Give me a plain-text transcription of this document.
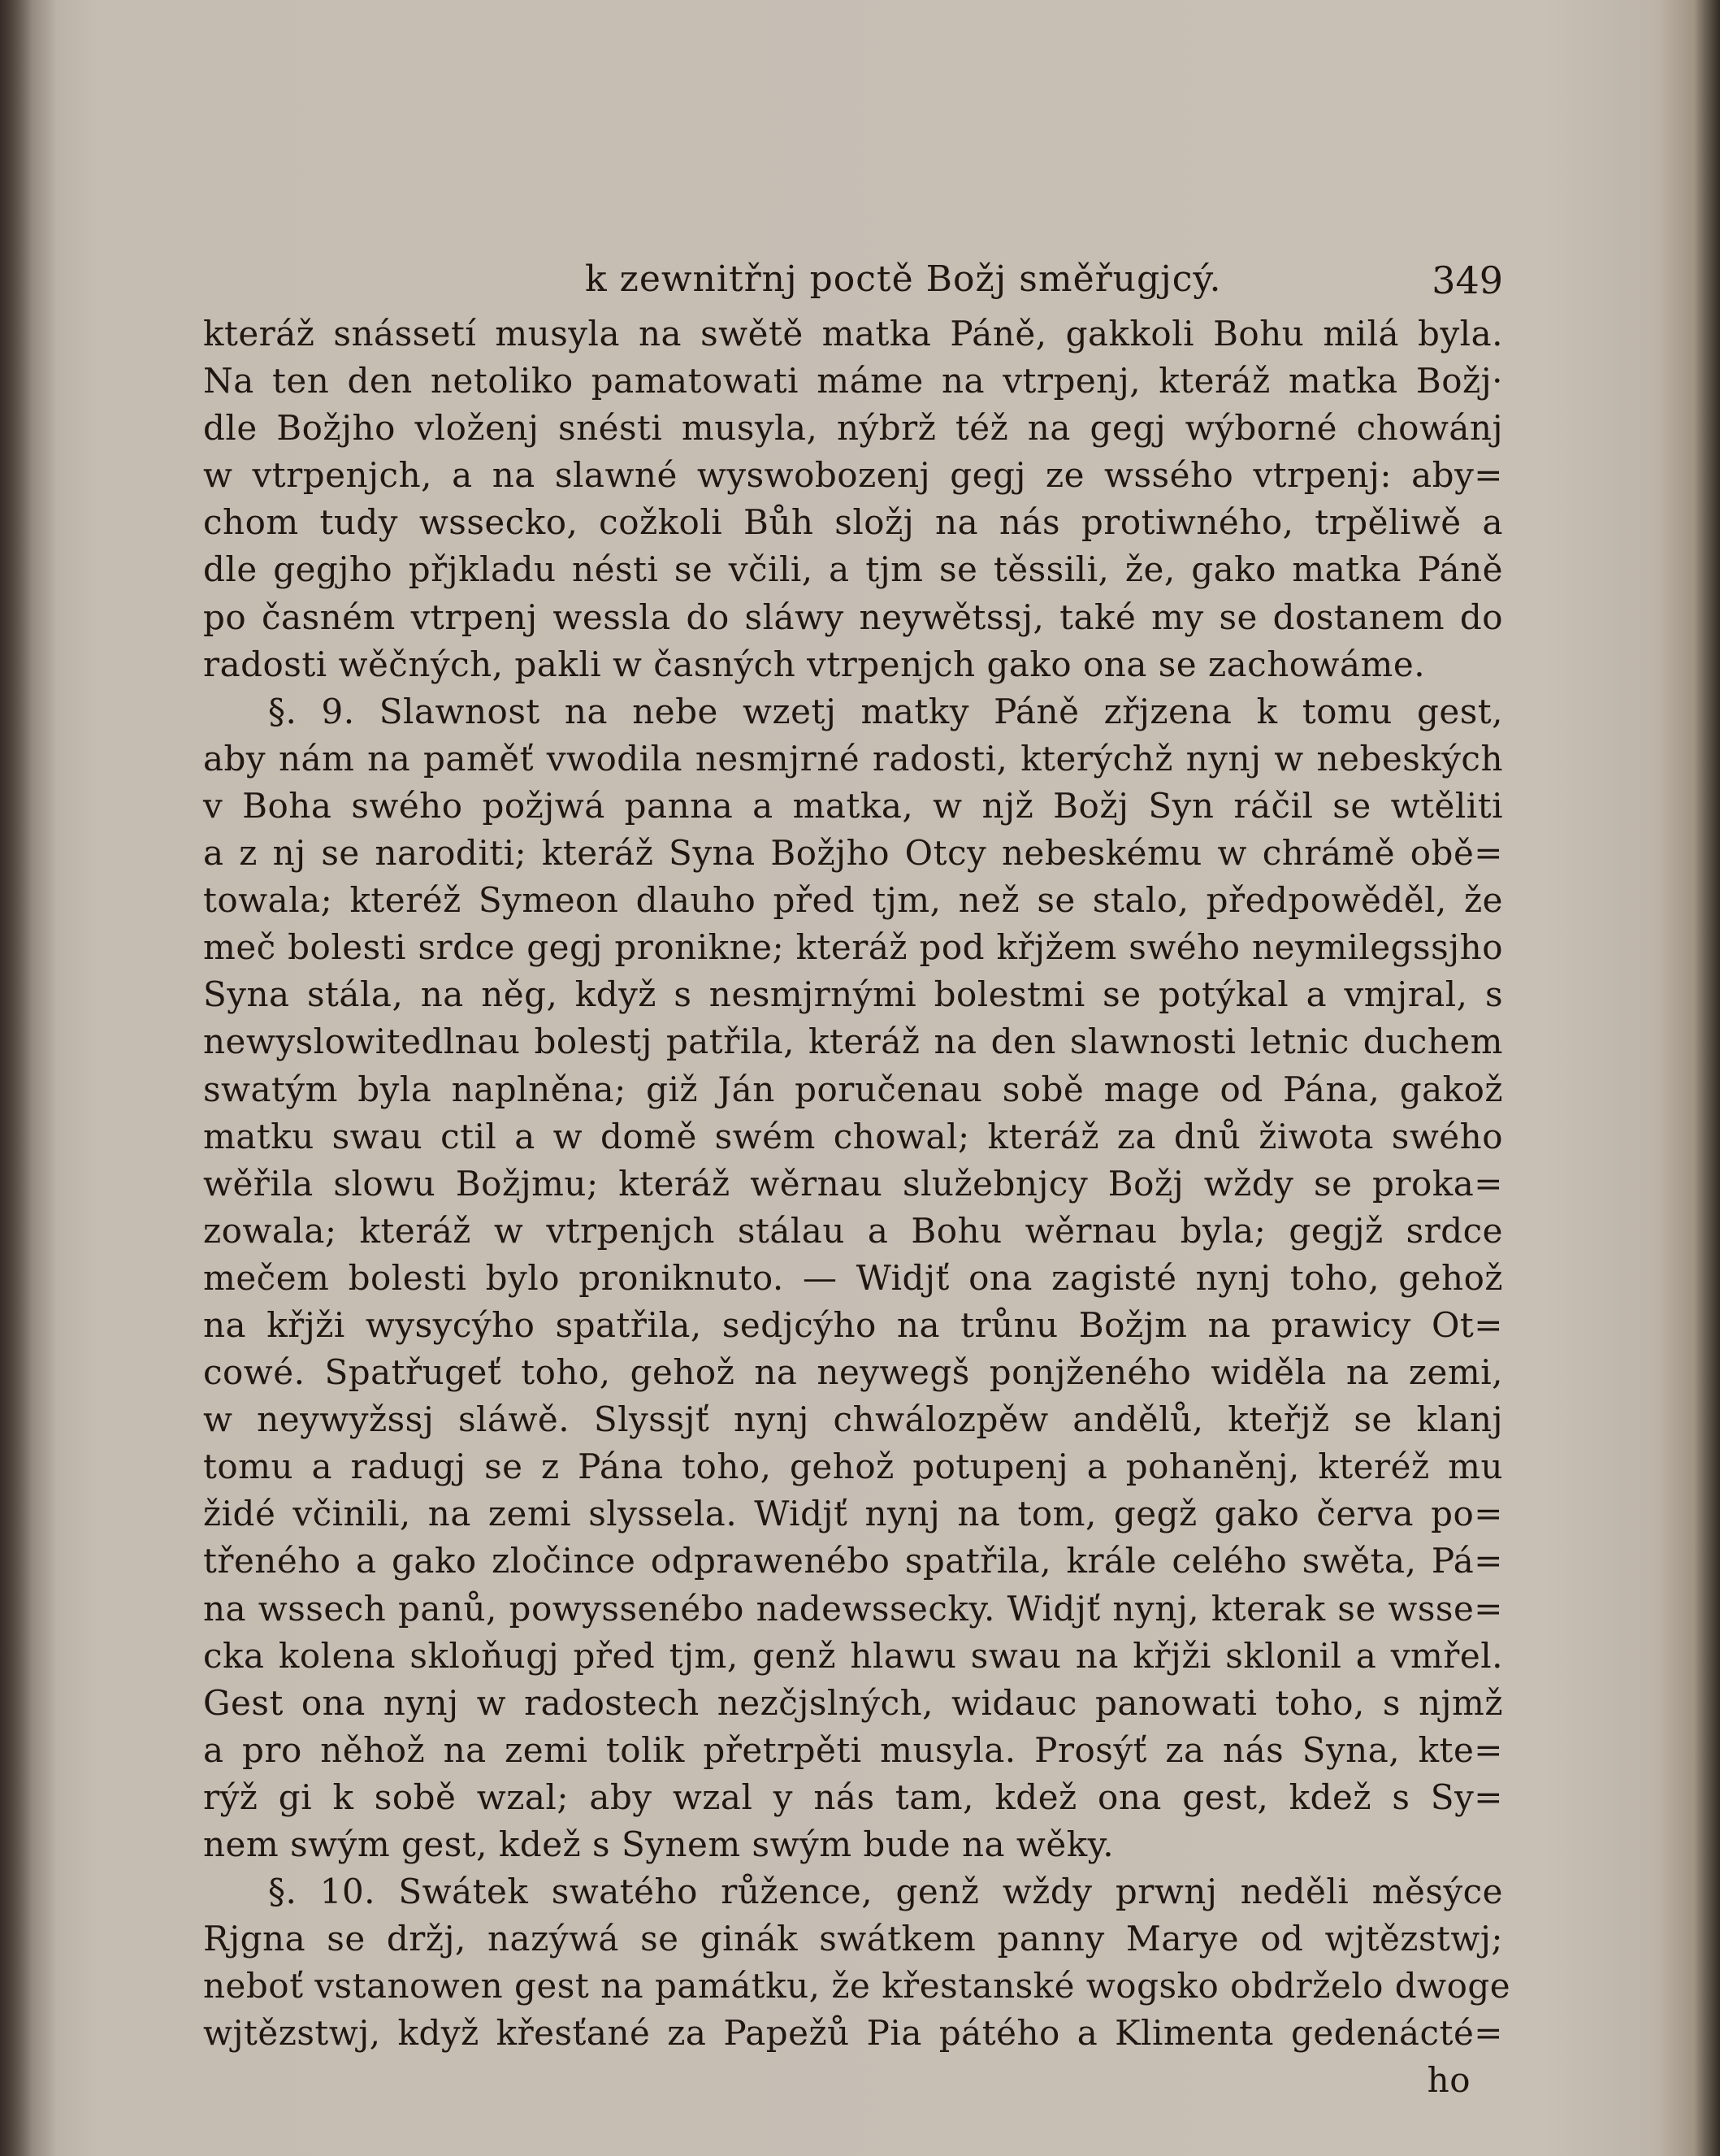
k zewnitřnj poctě Božj směřugjcý.	349
kteráž snássetí musyla na swětě matka Páně, gakkoli Bohu milá byla.
Na ten den netoliko pamatowati máme na vtrpenj, kteráž matka Božj·
dle Božjho vloženj snésti musyla, nýbrž též na gegj wýborné chowánj
w vtrpenjch, a na slawné wyswobozenj gegj ze wssého vtrpenj: aby=
chom tudy wssecko, cožkoli Bůh složj na nás protiwného, trpěliwě a
dle gegjho přjkladu nésti se včili, a tjm se těssili, že, gako matka Páně
po časném vtrpenj wessla do sláwy neywětssj, také my se dostanem do
radosti wěčných, pakli w časných vtrpenjch gako ona se zachowáme.
§. 9. Slawnost na nebe wzetj matky Páně zřjzena k tomu gest,
aby nám na paměť vwodila nesmjrné radosti, kterýchž nynj w nebeských
v Boha swého požjwá panna a matka, w njž Božj Syn ráčil se wtěliti
a z nj se naroditi; kteráž Syna Božjho Otcy nebeskému w chrámě obě=
towala; kteréž Symeon dlauho před tjm, než se stalo, předpowěděl, že
meč bolesti srdce gegj pronikne; kteráž pod křjžem swého neymilegssjho
Syna stála, na něg, když s nesmjrnými bolestmi se potýkal a vmjral, s
newyslowitedlnau bolestj patřila, kteráž na den slawnosti letnic duchem
swatým byla naplněna; giž Ján poručenau sobě mage od Pána, gakož
matku swau ctil a w domě swém chowal; kteráž za dnů žiwota swého
wěřila slowu Božjmu; kteráž wěrnau služebnjcy Božj wždy se proka=
zowala; kteráž w vtrpenjch stálau a Bohu wěrnau byla; gegjž srdce
mečem bolesti bylo proniknuto. — Widjť ona zagisté nynj toho, gehož
na křjži wysycýho spatřila, sedjcýho na trůnu Božjm na prawicy Ot=
cowé. Spatřugeť toho, gehož na neywegš ponjženého widěla na zemi,
w neywyžssj sláwě. Slyssjť nynj chwálozpěw andělů, kteřjž se klanj
tomu a radugj se z Pána toho, gehož potupenj a pohaněnj, kteréž mu
židé včinili, na zemi slyssela. Widjť nynj na tom, gegž gako červa po=
třeného a gako zločince odprawenébo spatřila, krále celého swěta, Pá=
na wssech panů, powyssenébo nadewssecky. Widjť nynj, kterak se wsse=
cka kolena skloňugj před tjm, genž hlawu swau na křjži sklonil a vmřel.
Gest ona nynj w radostech nezčjslných, widauc panowati toho, s njmž
a pro něhož na zemi tolik přetrpěti musyla. Prosýť za nás Syna, kte=
rýž gi k sobě wzal; aby wzal y nás tam, kdež ona gest, kdež s Sy=
nem swým gest, kdež s Synem swým bude na wěky.
§. 10. Swátek swatého růžence, genž wždy prwnj neděli měsýce
Rjgna se držj, nazýwá se ginák swátkem panny Marye od wjtězstwj;
neboť vstanowen gest na památku, že křestanské wogsko obdrželo dwoge
wjtězstwj, když křesťané za Papežů Pia pátého a Klimenta gedenácté=
ho
